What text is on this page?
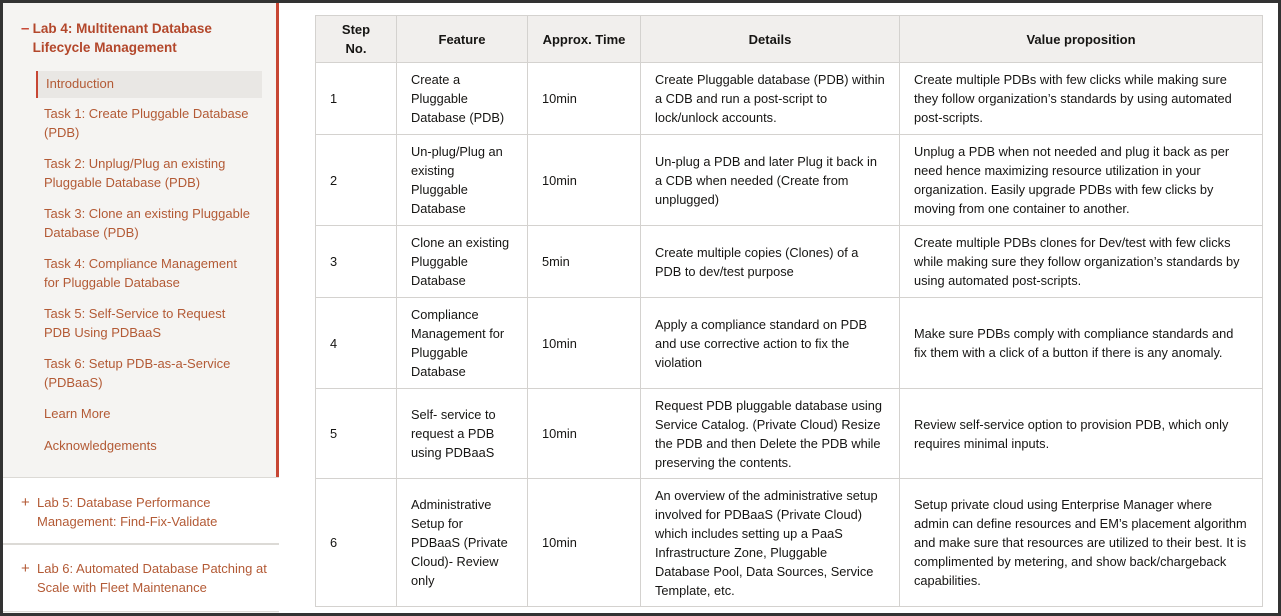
– Lab 4: Multitenant Database Lifecycle Management
Introduction
Task 1: Create Pluggable Database (PDB)
Task 2: Unplug/Plug an existing Pluggable Database (PDB)
Task 3: Clone an existing Pluggable Database (PDB)
Task 4: Compliance Management for Pluggable Database
Task 5: Self-Service to Request PDB Using PDBaaS
Task 6: Setup PDB-as-a-Service (PDBaaS)
Learn More
Acknowledgements
+ Lab 5: Database Performance Management: Find-Fix-Validate
+ Lab 6: Automated Database Patching at Scale with Fleet Maintenance
Step No.	Feature	Approx. Time	Details	Value proposition
1	Create a Pluggable Database (PDB)	10min	Create Pluggable database (PDB) within a CDB and run a post-script to lock/unlock accounts.	Create multiple PDBs with few clicks while making sure they follow organization’s standards by using automated post-scripts.
2	Un-plug/Plug an existing Pluggable Database	10min	Un-plug a PDB and later Plug it back in a CDB when needed (Create from unplugged)	Unplug a PDB when not needed and plug it back as per need hence maximizing resource utilization in your organization. Easily upgrade PDBs with few clicks by moving from one container to another.
3	Clone an existing Pluggable Database	5min	Create multiple copies (Clones) of a PDB to dev/test purpose	Create multiple PDBs clones for Dev/test with few clicks while making sure they follow organization’s standards by using automated post-scripts.
4	Compliance Management for Pluggable Database	10min	Apply a compliance standard on PDB and use corrective action to fix the violation	Make sure PDBs comply with compliance standards and fix them with a click of a button if there is any anomaly.
5	Self- service to request a PDB using PDBaaS	10min	Request PDB pluggable database using Service Catalog. (Private Cloud) Resize the PDB and then Delete the PDB while preserving the contents.	Review self-service option to provision PDB, which only requires minimal inputs.
6	Administrative Setup for PDBaaS (Private Cloud)- Review only	10min	An overview of the administrative setup involved for PDBaaS (Private Cloud) which includes setting up a PaaS Infrastructure Zone, Pluggable Database Pool, Data Sources, Service Template, etc.	Setup private cloud using Enterprise Manager where admin can define resources and EM’s placement algorithm and make sure that resources are utilized to their best. It is complimented by metering, and show back/chargeback capabilities.
